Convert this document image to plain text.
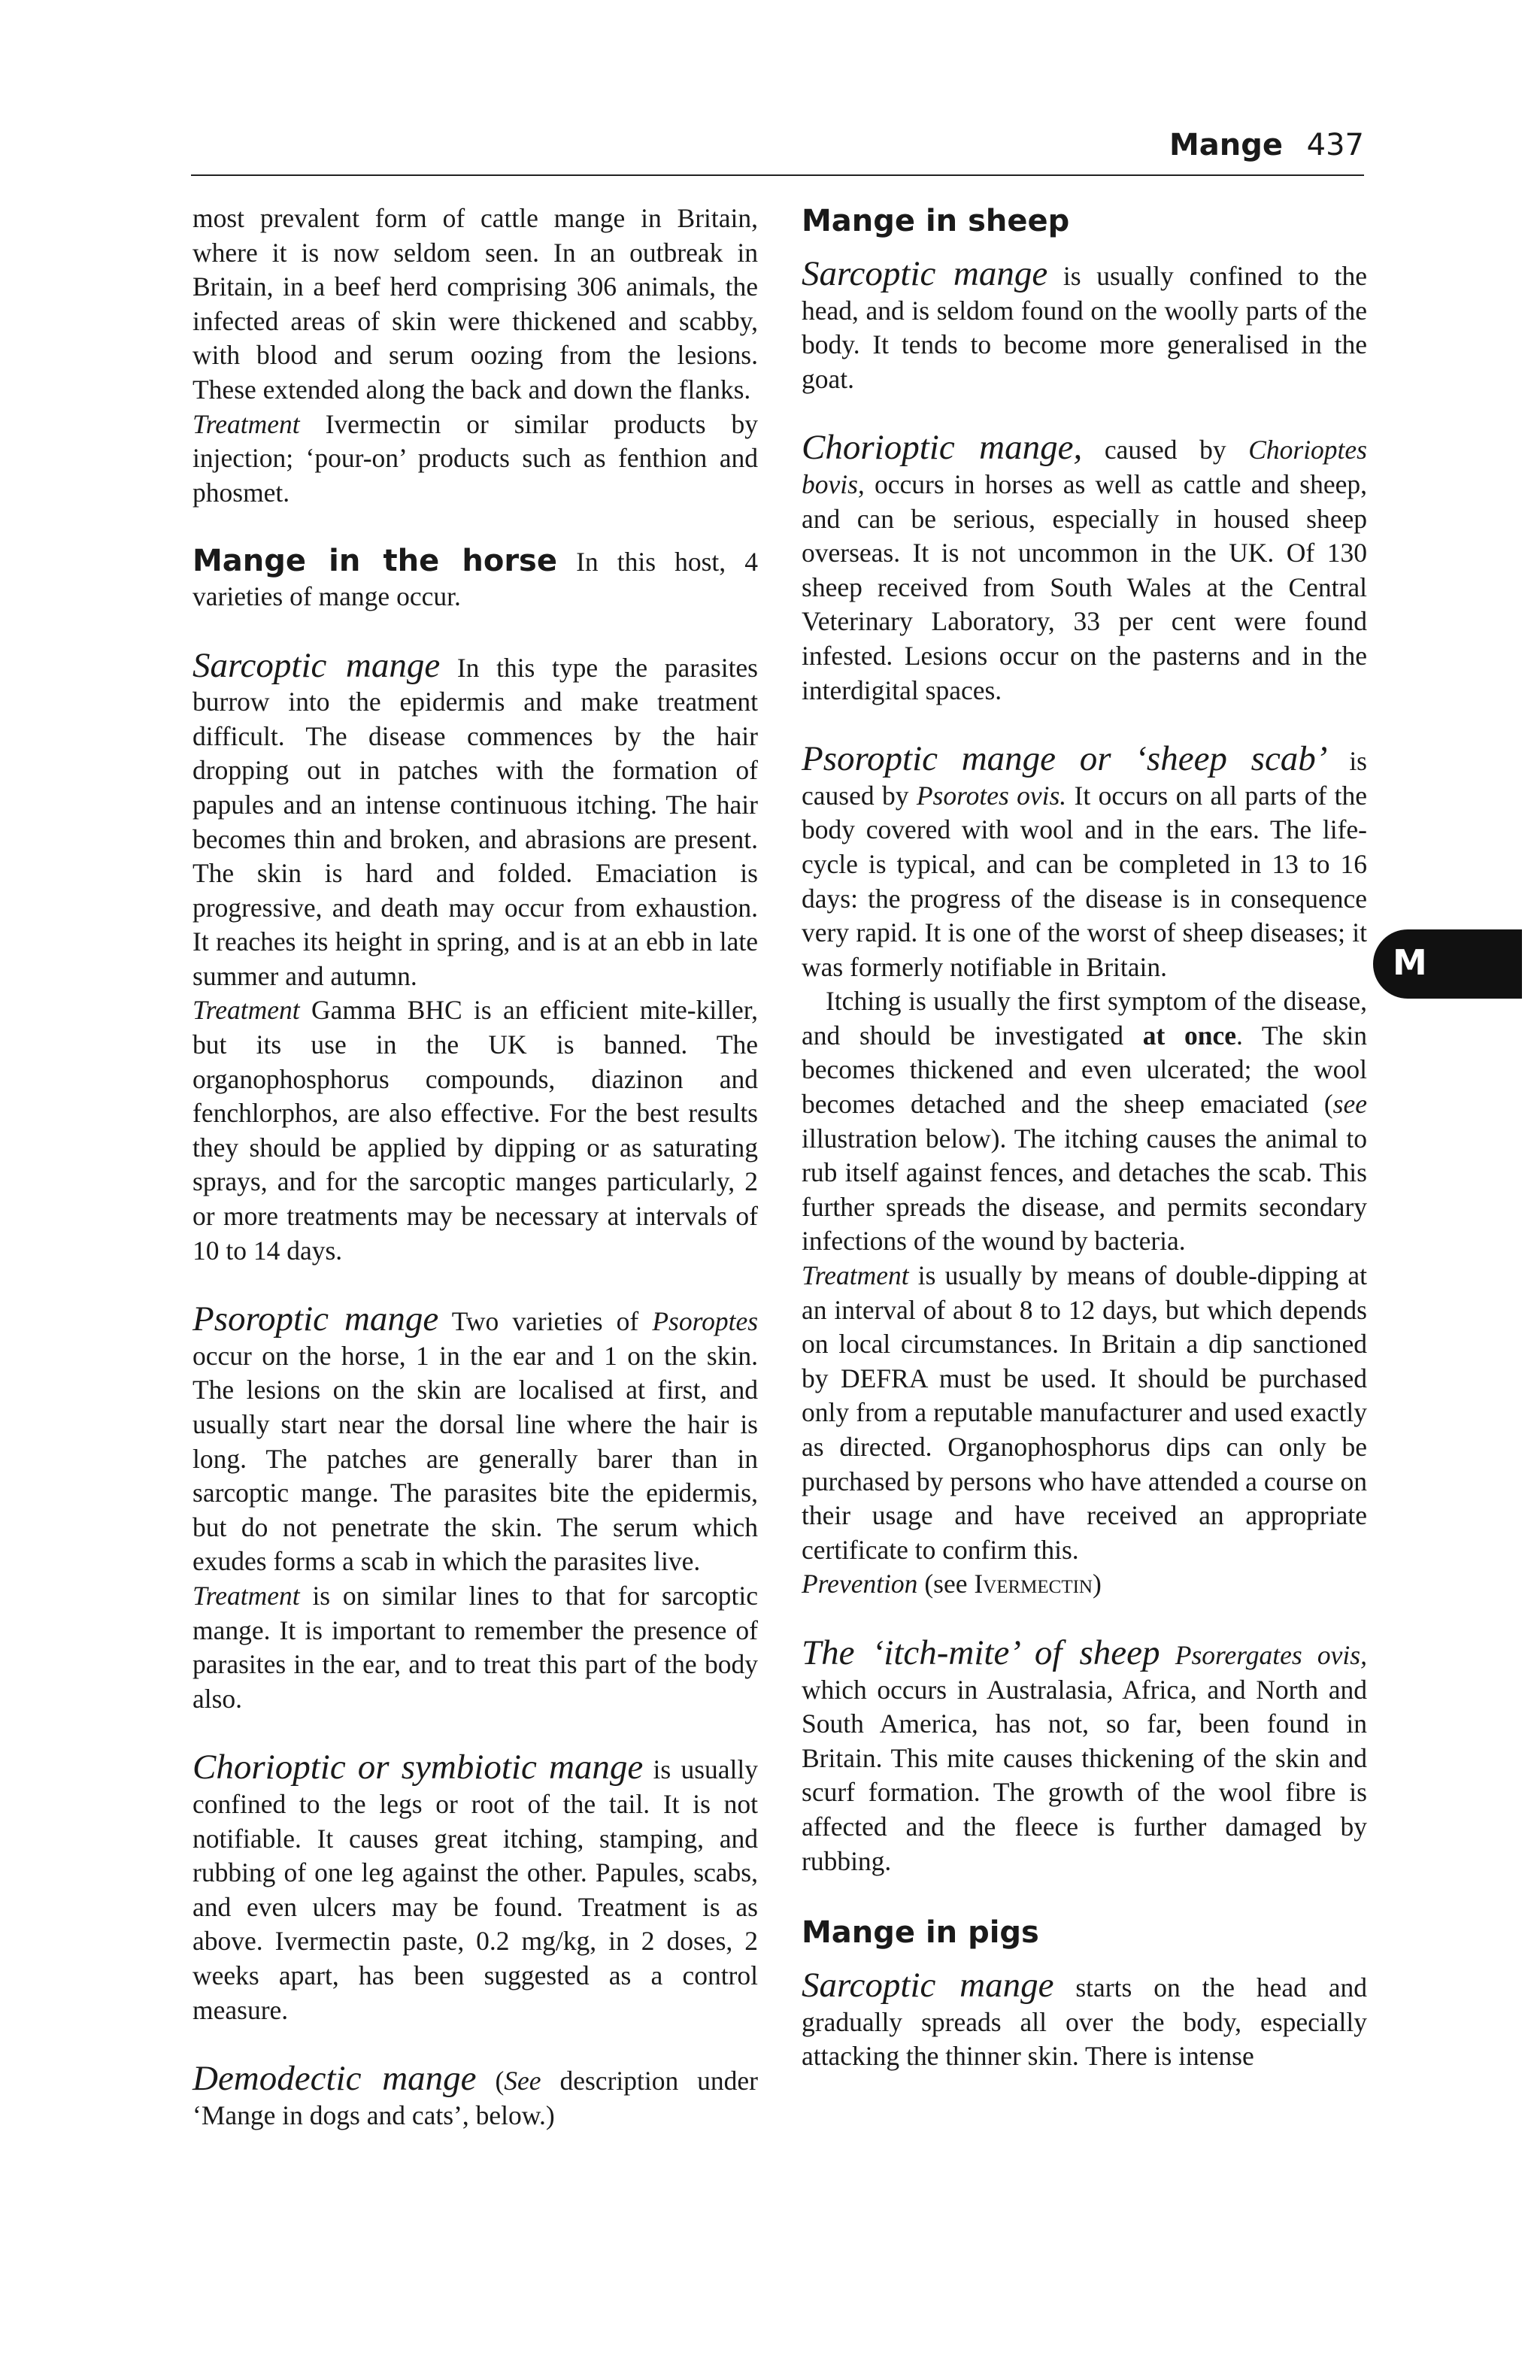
Mange 437

most prevalent form of cattle mange in Britain, where it is now seldom seen. In an outbreak in Britain, in a beef herd comprising 306 animals, the infected areas of skin were thickened and scabby, with blood and serum oozing from the lesions. These extended along the back and down the flanks.

Treatment Ivermectin or similar products by injection; ‘pour-on’ products such as fenthion and phosmet.

Mange in the horse In this host, 4 varieties of mange occur.

Sarcoptic mange In this type the parasites burrow into the epidermis and make treatment difficult. The disease commences by the hair dropping out in patches with the formation of papules and an intense continuous itching. The hair becomes thin and broken, and abrasions are present. The skin is hard and folded. Emaciation is progressive, and death may occur from exhaustion. It reaches its height in spring, and is at an ebb in late summer and autumn.

Treatment Gamma BHC is an efficient mite-killer, but its use in the UK is banned. The organophosphorus compounds, diazinon and fenchlorphos, are also effective. For the best results they should be applied by dipping or as saturating sprays, and for the sarcoptic manges particularly, 2 or more treatments may be necessary at intervals of 10 to 14 days.

Psoroptic mange Two varieties of Psoroptes occur on the horse, 1 in the ear and 1 on the skin. The lesions on the skin are localised at first, and usually start near the dorsal line where the hair is long. The patches are generally barer than in sarcoptic mange. The parasites bite the epidermis, but do not penetrate the skin. The serum which exudes forms a scab in which the parasites live.

Treatment is on similar lines to that for sarcoptic mange. It is important to remember the presence of parasites in the ear, and to treat this part of the body also.

Chorioptic or symbiotic mange is usually confined to the legs or root of the tail. It is not notifiable. It causes great itching, stamping, and rubbing of one leg against the other. Papules, scabs, and even ulcers may be found. Treatment is as above. Ivermectin paste, 0.2 mg/kg, in 2 doses, 2 weeks apart, has been suggested as a control measure.

Demodectic mange (See description under ‘Mange in dogs and cats’, below.)

Mange in sheep

Sarcoptic mange is usually confined to the head, and is seldom found on the woolly parts of the body. It tends to become more generalised in the goat.

Chorioptic mange, caused by Chorioptes bovis, occurs in horses as well as cattle and sheep, and can be serious, especially in housed sheep overseas. It is not uncommon in the UK. Of 130 sheep received from South Wales at the Central Veterinary Laboratory, 33 per cent were found infested. Lesions occur on the pasterns and in the interdigital spaces.

Psoroptic mange or ‘sheep scab’ is caused by Psorotes ovis. It occurs on all parts of the body covered with wool and in the ears. The life-cycle is typical, and can be completed in 13 to 16 days: the progress of the disease is in consequence very rapid. It is one of the worst of sheep diseases; it was formerly notifiable in Britain.

Itching is usually the first symptom of the disease, and should be investigated at once. The skin becomes thickened and even ulcerated; the wool becomes detached and the sheep emaciated (see illustration below). The itching causes the animal to rub itself against fences, and detaches the scab. This further spreads the disease, and permits secondary infections of the wound by bacteria.

Treatment is usually by means of double-dipping at an interval of about 8 to 12 days, but which depends on local circumstances. In Britain a dip sanctioned by DEFRA must be used. It should be purchased only from a reputable manufacturer and used exactly as directed. Organophosphorus dips can only be purchased by persons who have attended a course on their usage and have received an appropriate certificate to confirm this.

Prevention (see Ivermectin)

The ‘itch-mite’ of sheep Psorergates ovis, which occurs in Australasia, Africa, and North and South America, has not, so far, been found in Britain. This mite causes thickening of the skin and scurf formation. The growth of the wool fibre is affected and the fleece is further damaged by rubbing.

Mange in pigs

Sarcoptic mange starts on the head and gradually spreads all over the body, especially attacking the thinner skin. There is intense

M
